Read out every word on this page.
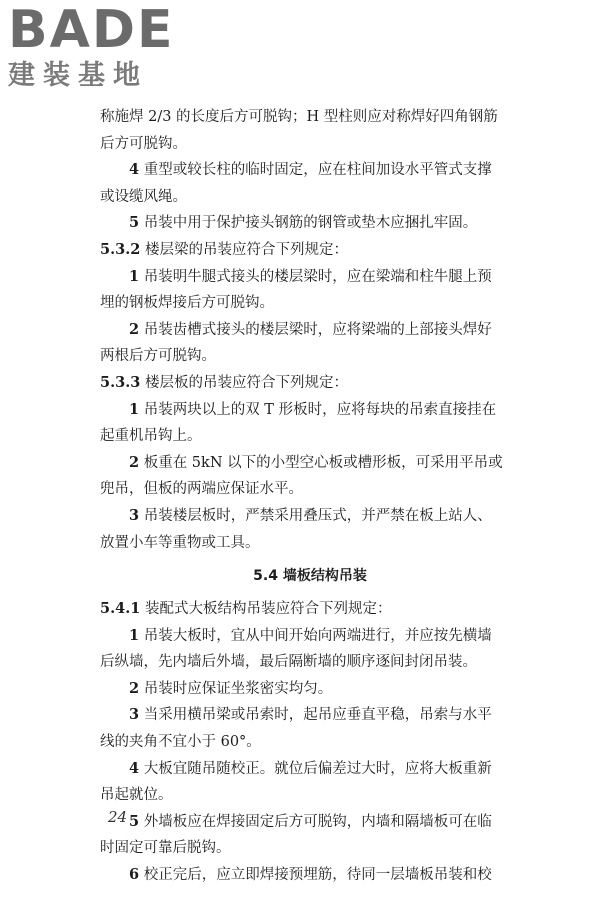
BADE
建装基地
称施焊 2/3 的长度后方可脱钩；H 型柱则应对称焊好四角钢筋
后方可脱钩。
4 重型或较长柱的临时固定，应在柱间加设水平管式支撑
或设缆风绳。
5 吊装中用于保护接头钢筋的钢管或垫木应捆扎牢固。
5.3.2 楼层梁的吊装应符合下列规定：
1 吊装明牛腿式接头的楼层梁时，应在梁端和柱牛腿上预
埋的钢板焊接后方可脱钩。
2 吊装齿槽式接头的楼层梁时，应将梁端的上部接头焊好
两根后方可脱钩。
5.3.3 楼层板的吊装应符合下列规定：
1 吊装两块以上的双 T 形板时，应将每块的吊索直接挂在
起重机吊钩上。
2 板重在 5kN 以下的小型空心板或槽形板，可采用平吊或
兜吊，但板的两端应保证水平。
3 吊装楼层板时，严禁采用叠压式，并严禁在板上站人、
放置小车等重物或工具。
5.4 墙板结构吊装
5.4.1 装配式大板结构吊装应符合下列规定：
1 吊装大板时，宜从中间开始向两端进行，并应按先横墙
后纵墙，先内墙后外墙，最后隔断墙的顺序逐间封闭吊装。
2 吊装时应保证坐浆密实均匀。
3 当采用横吊梁或吊索时，起吊应垂直平稳，吊索与水平
线的夹角不宜小于 60°。
4 大板宜随吊随校正。就位后偏差过大时，应将大板重新
吊起就位。
5 外墙板应在焊接固定后方可脱钩，内墙和隔墙板可在临
时固定可靠后脱钩。
6 校正完后，应立即焊接预埋筋，待同一层墙板吊装和校
24
